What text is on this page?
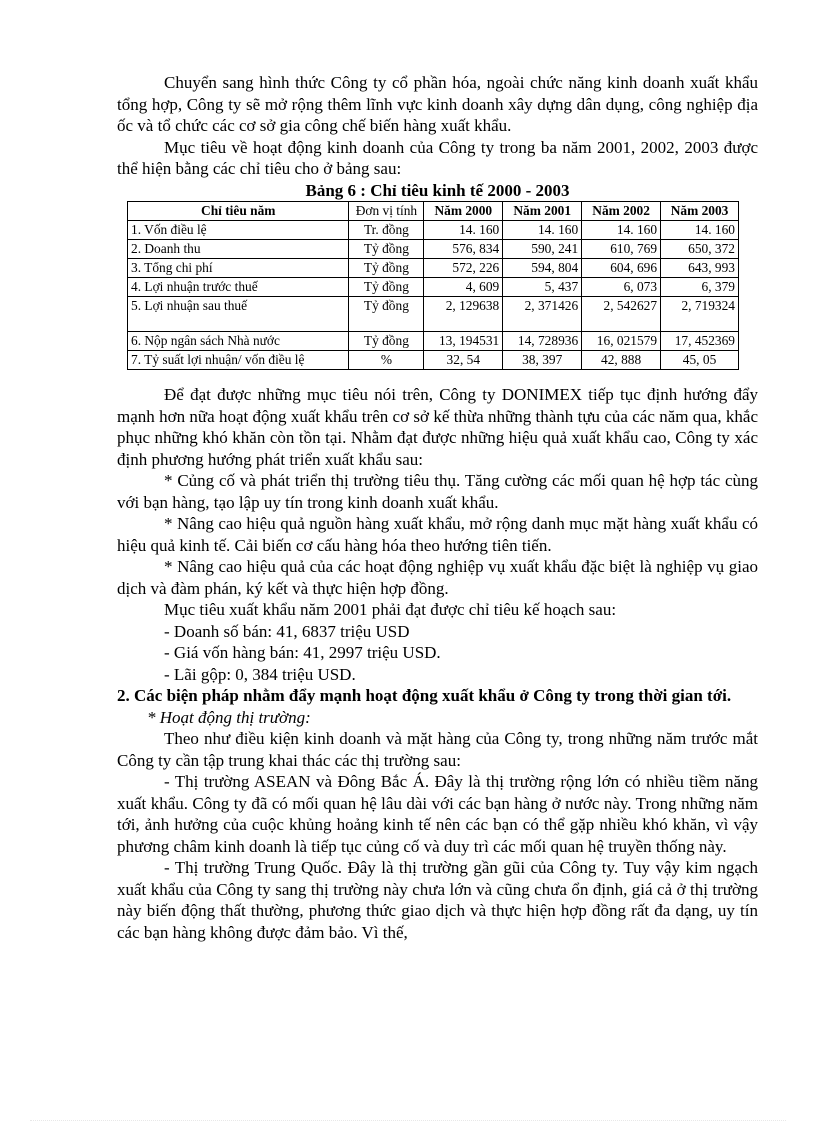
Chuyển sang hình thức Công ty cổ phần hóa, ngoài chức năng kinh doanh xuất khẩu tổng hợp, Công ty sẽ mở rộng thêm lĩnh vực kinh doanh xây dựng dân dụng, công nghiệp địa ốc và tổ chức các cơ sở gia công chế biến hàng xuất khẩu.

Mục tiêu về hoạt động kinh doanh của Công ty trong ba năm 2001, 2002, 2003 được thể hiện bằng các chỉ tiêu cho ở bảng sau:

Bảng 6 : Chỉ tiêu kinh tế 2000 - 2003

Chỉ tiêu năm	Đơn vị tính	Năm 2000	Năm 2001	Năm 2002	Năm 2003
1. Vốn điều lệ	Tr. đồng	14. 160	14. 160	14. 160	14. 160
2. Doanh thu	Tỷ đồng	576, 834	590, 241	610, 769	650, 372
3. Tổng chi phí	Tỷ đồng	572, 226	594, 804	604, 696	643, 993
4. Lợi nhuận trước thuế	Tỷ đồng	4, 609	5, 437	6, 073	6, 379
5. Lợi nhuận sau thuế	Tỷ đồng	2, 129638	2, 371426	2, 542627	2, 719324
6. Nộp ngân sách Nhà nước	Tỷ đồng	13, 194531	14, 728936	16, 021579	17, 452369
7. Tỷ suất lợi nhuận/ vốn điều lệ	%	32, 54	38, 397	42, 888	45, 05

Để đạt được những mục tiêu nói trên, Công ty DONIMEX tiếp tục định hướng đẩy mạnh hơn nữa hoạt động xuất khẩu trên cơ sở kế thừa những thành tựu của các năm qua, khắc phục những khó khăn còn tồn tại. Nhằm đạt được những hiệu quả xuất khẩu cao, Công ty xác định phương hướng phát triển xuất khẩu sau:

* Củng cố và phát triển thị trường tiêu thụ. Tăng cường các mối quan hệ hợp tác cùng với bạn hàng, tạo lập uy tín trong kinh doanh xuất khẩu.

* Nâng cao hiệu quả nguồn hàng xuất khẩu, mở rộng danh mục mặt hàng xuất khẩu có hiệu quả kinh tế. Cải biến cơ cấu hàng hóa theo hướng tiên tiến.

* Nâng cao hiệu quả của các hoạt động nghiệp vụ xuất khẩu đặc biệt là nghiệp vụ giao dịch và đàm phán, ký kết và thực hiện hợp đồng.

Mục tiêu xuất khẩu năm 2001 phải đạt được chỉ tiêu kế hoạch sau:

- Doanh số bán: 41, 6837 triệu USD

- Giá vốn hàng bán: 41, 2997 triệu USD.

- Lãi gộp: 0, 384 triệu USD.

2. Các biện pháp nhằm đẩy mạnh hoạt động xuất khẩu ở Công ty trong thời gian tới.

* Hoạt động thị trường:

Theo như điều kiện kinh doanh và mặt hàng của Công ty, trong những năm trước mắt Công ty cần tập trung khai thác các thị trường sau:

- Thị trường ASEAN và Đông Bắc Á. Đây là thị trường rộng lớn có nhiều tiềm năng xuất khẩu. Công ty đã có mối quan hệ lâu dài với các bạn hàng ở nước này. Trong những năm tới, ảnh hưởng của cuộc khủng hoảng kinh tế nên các bạn có thể gặp nhiều khó khăn, vì vậy phương châm kinh doanh là tiếp tục củng cố và duy trì các mối quan hệ truyền thống này.

- Thị trường Trung Quốc. Đây là thị trường gần gũi của Công ty. Tuy vậy kim ngạch xuất khẩu của Công ty sang thị trường này chưa lớn và cũng chưa ổn định, giá cả ở thị trường này biến động thất thường, phương thức giao dịch và thực hiện hợp đồng rất đa dạng, uy tín các bạn hàng không được đảm bảo. Vì thế,
